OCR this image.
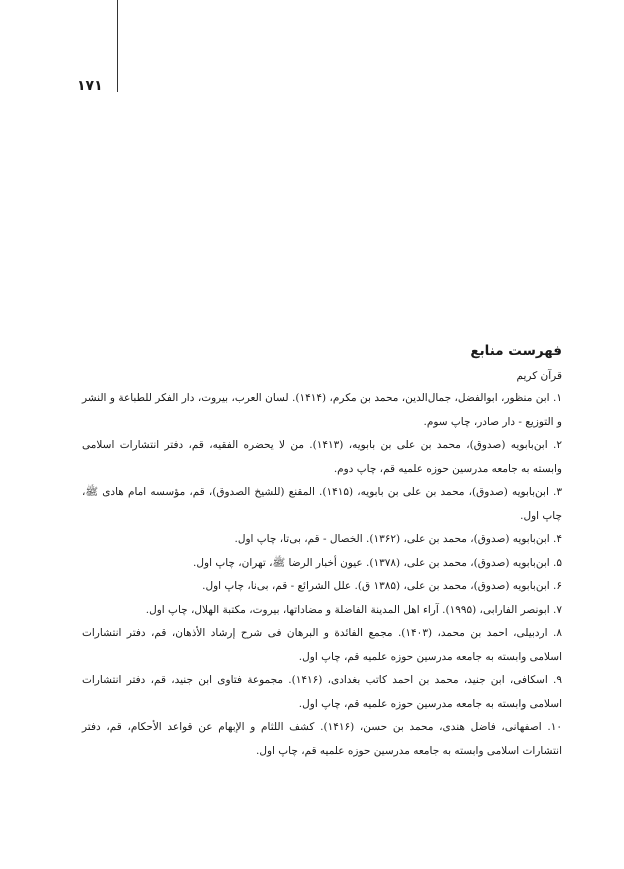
۱۷۱
فهرست منابع

قرآن کریم

۱. ابن منظور، ابوالفضل، جمال‌الدین، محمد بن مکرم، (۱۴۱۴). لسان العرب، بیروت، دار الفکر للطباعة و النشر و التوزیع - دار صادر، چاپ سوم.
۲. ابن‌بابویه (صدوق)، محمد بن علی بن بابویه، (۱۴۱۳). من لا یحضره الفقیه، قم، دفتر انتشارات اسلامی وابسته به جامعه مدرسین حوزه علمیه قم، چاپ دوم.
۳. ابن‌بابویه (صدوق)، محمد بن علی بن بابویه، (۱۴۱۵). المقنع (للشیخ الصدوق)، قم، مؤسسه امام هادی ﷺ، چاپ اول.
۴. ابن‌بابویه (صدوق)، محمد بن علی، (۱۳۶۲). الخصال - قم، بی‌تا، چاپ اول.
۵. ابن‌بابویه (صدوق)، محمد بن علی، (۱۳۷۸). عیون أخبار الرضا ﷺ، تهران، چاپ اول.
۶. ابن‌بابویه (صدوق)، محمد بن علی، (۱۳۸۵ ق). علل الشرائع - قم، بی‌نا، چاپ اول.
۷. ابونصر الفارابی، (۱۹۹۵). آراء اهل المدینة الفاضلة و مضاداتها، بیروت، مکتبة الهلال، چاپ اول.
۸. اردبیلی، احمد بن محمد، (۱۴۰۳). مجمع الفائدة و البرهان فی شرح إرشاد الأذهان، قم، دفتر انتشارات اسلامی وابسته به جامعه مدرسین حوزه علمیه قم، چاپ اول.
۹. اسکافی، ابن جنید، محمد بن احمد کاتب بغدادی، (۱۴۱۶). مجموعة فتاوی ابن جنید، قم، دفتر انتشارات اسلامی وابسته به جامعه مدرسین حوزه علمیه قم، چاپ اول.
۱۰. اصفهانی، فاضل هندی، محمد بن حسن، (۱۴۱۶). کشف اللثام و الإبهام عن قواعد الأحکام، قم، دفتر انتشارات اسلامی وابسته به جامعه مدرسین حوزه علمیه قم، چاپ اول.
